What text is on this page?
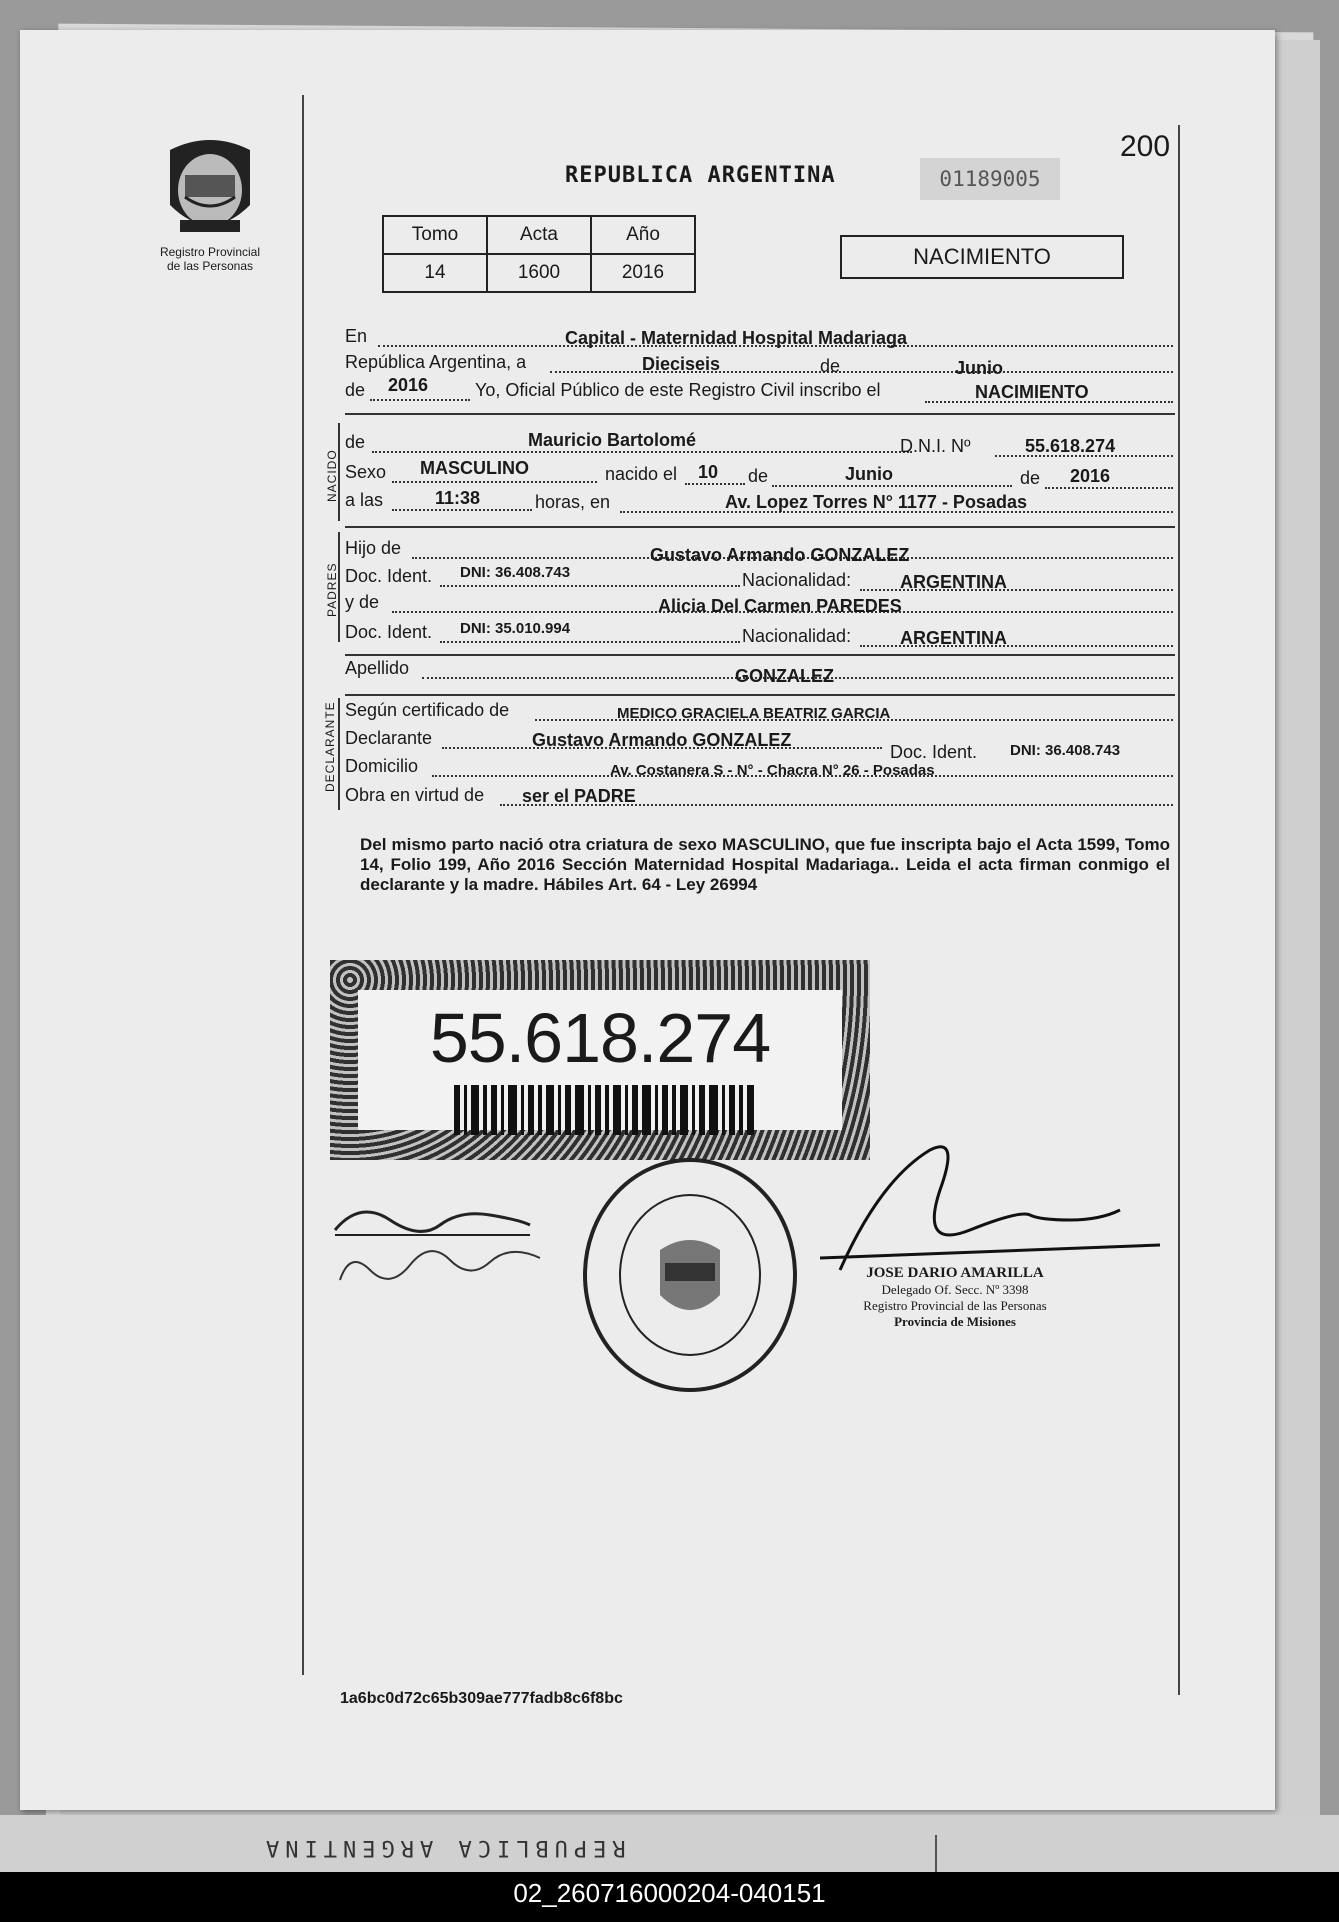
200
Registro Provincial
de las Personas
REPUBLICA ARGENTINA	01189005
Tomo	Acta	Año
14	1600	2016
NACIMIENTO
En	Capital - Maternidad Hospital Madariaga
República Argentina, a	Dieciseis	de	Junio
de 2016	Yo, Oficial Público de este Registro Civil inscribo el	NACIMIENTO
NACIDO
de	Mauricio Bartolomé	D.N.I. Nº	55.618.274
Sexo MASCULINO	nacido el 10 de	Junio	de 2016
a las	11:38	horas, en	Av. Lopez Torres N° 1177 - Posadas
PADRES
Hijo de	Gustavo Armando GONZALEZ
Doc. Ident. DNI: 36.408.743	Nacionalidad:	ARGENTINA
y de	Alicia Del Carmen PAREDES
Doc. Ident. DNI: 35.010.994	Nacionalidad:	ARGENTINA
Apellido	GONZALEZ
DECLARANTE Según certificado de	MEDICO GRACIELA BEATRIZ GARCIA
Declarante	Gustavo Armando GONZALEZ
Doc. Ident. DNI: 36.408.743
Domicilio	Av. Costanera S - N° - Chacra N° 26 - Posadas
Obra en virtud de ser el PADRE
Del mismo parto nació otra criatura de sexo MASCULINO, que fue inscripta bajo el Acta 1599, Tomo 14, Folio 199, Año 2016 Sección Maternidad Hospital Madariaga.. Leida el acta firman conmigo el declarante y la madre. Hábiles Art. 64 - Ley 26994
55.618.274
JOSE DARIO AMARILLA
Delegado Of. Secc. Nº 3398
Registro Provincial de las Personas
Provincia de Misiones
1a6bc0d72c65b309ae777fadb8c6f8bc
REPUBLICA ARGENTINA
02_260716000204-040151
